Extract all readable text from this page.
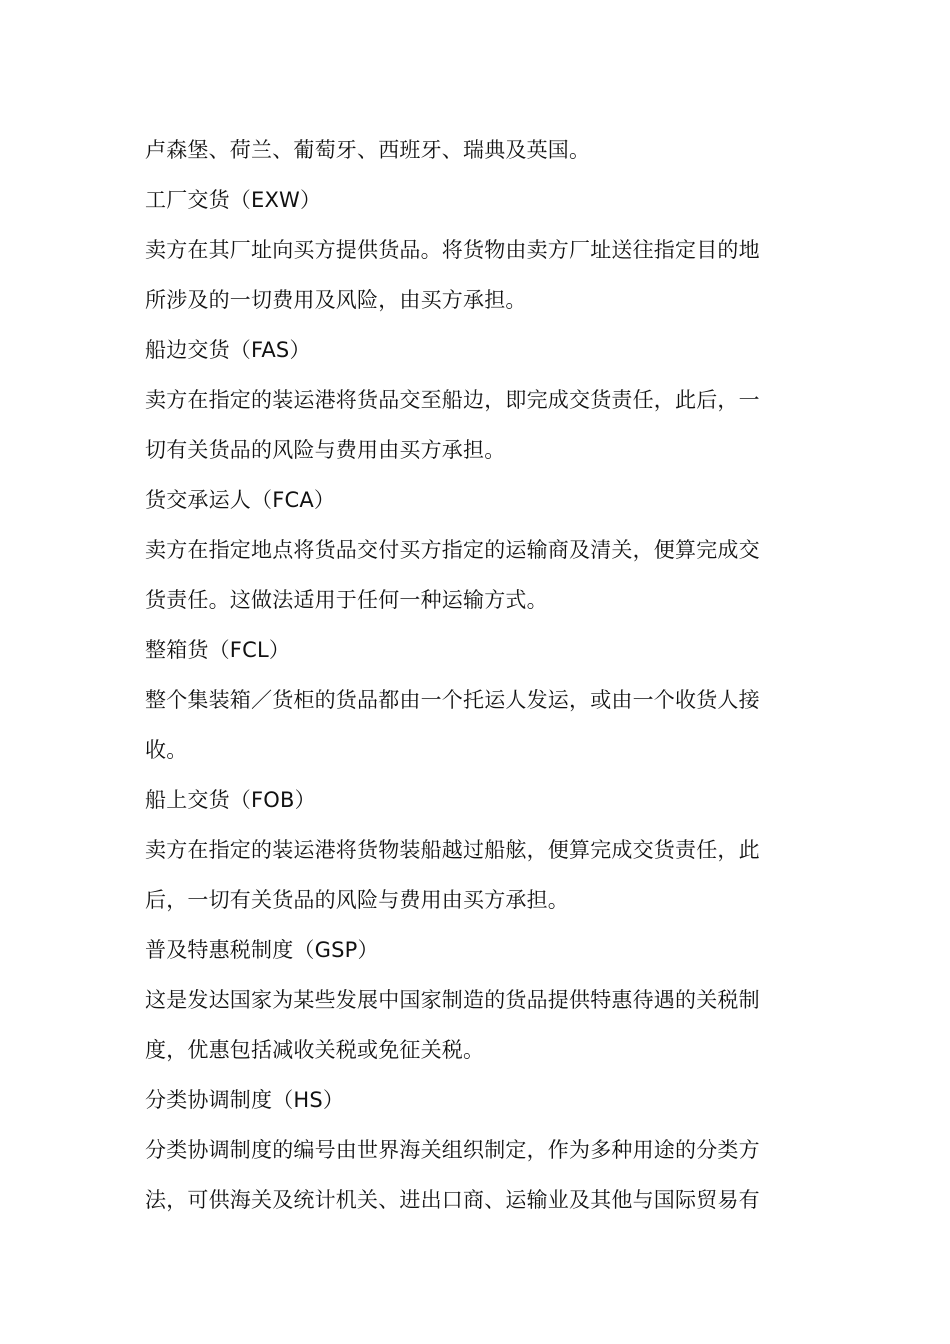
卢森堡、荷兰、葡萄牙、西班牙、瑞典及英国。
工厂交货（EXW）
卖方在其厂址向买方提供货品。将货物由卖方厂址送往指定目的地
所涉及的一切费用及风险，由买方承担。
船边交货（FAS）
卖方在指定的装运港将货品交至船边，即完成交货责任，此后，一
切有关货品的风险与费用由买方承担。
货交承运人（FCA）
卖方在指定地点将货品交付买方指定的运输商及清关，便算完成交
货责任。这做法适用于任何一种运输方式。
整箱货（FCL）
整个集装箱／货柜的货品都由一个托运人发运，或由一个收货人接
收。
船上交货（FOB）
卖方在指定的装运港将货物装船越过船舷，便算完成交货责任，此
后，一切有关货品的风险与费用由买方承担。
普及特惠税制度（GSP）
这是发达国家为某些发展中国家制造的货品提供特惠待遇的关税制
度，优惠包括减收关税或免征关税。
分类协调制度（HS）
分类协调制度的编号由世界海关组织制定，作为多种用途的分类方
法，可供海关及统计机关、进出口商、运输业及其他与国际贸易有
